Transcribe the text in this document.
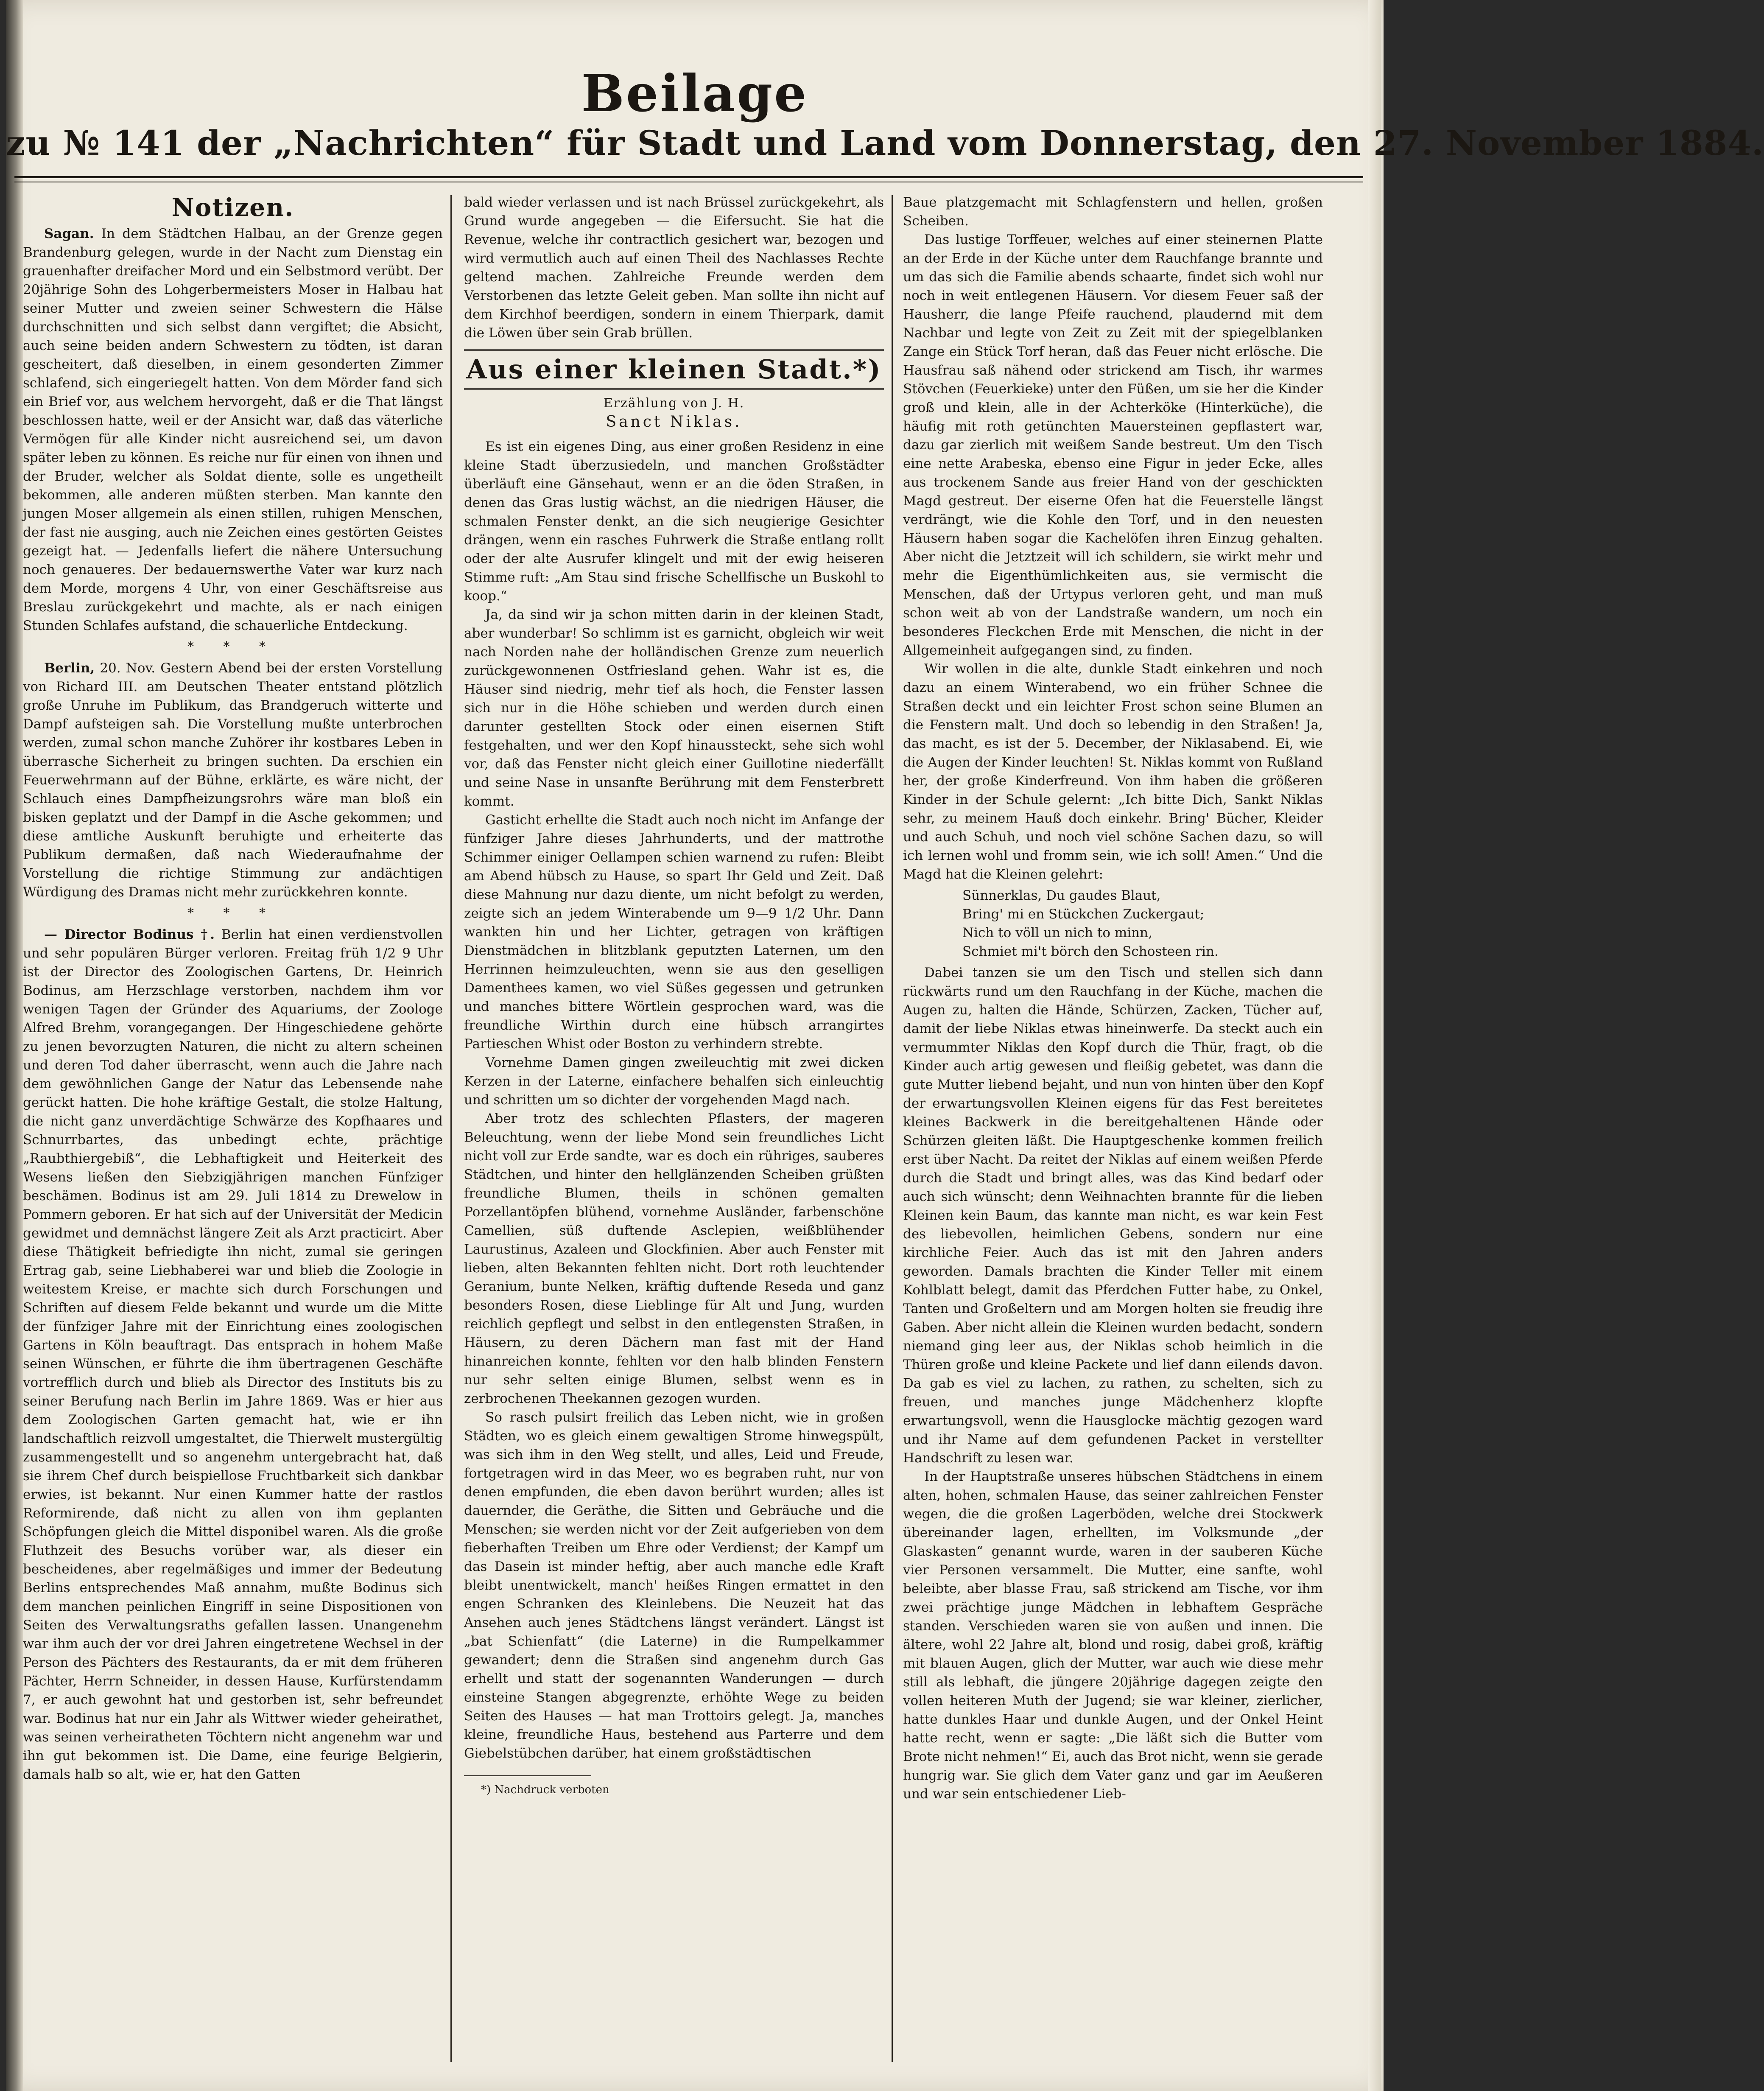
Beilage
zu № 141 der „Nachrichten“ für Stadt und Land vom Donnerstag, den 27. November 1884.
Notizen.

Sagan. In dem Städtchen Halbau, an der Grenze gegen Brandenburg gelegen, wurde in der Nacht zum Dienstag ein grauenhafter dreifacher Mord und ein Selbstmord verübt. Der 20jährige Sohn des Lohgerbermeisters Moser in Halbau hat seiner Mutter und zweien seiner Schwestern die Hälse durchschnitten und sich selbst dann vergiftet; die Absicht, auch seine beiden andern Schwestern zu tödten, ist daran gescheitert, daß dieselben, in einem gesonderten Zimmer schlafend, sich eingeriegelt hatten. Von dem Mörder fand sich ein Brief vor, aus welchem hervorgeht, daß er die That längst beschlossen hatte, weil er der Ansicht war, daß das väterliche Vermögen für alle Kinder nicht ausreichend sei, um davon später leben zu können. Es reiche nur für einen von ihnen und der Bruder, welcher als Soldat diente, solle es ungetheilt bekommen, alle anderen müßten sterben. Man kannte den jungen Moser allgemein als einen stillen, ruhigen Menschen, der fast nie ausging, auch nie Zeichen eines gestörten Geistes gezeigt hat. — Jedenfalls liefert die nähere Untersuchung noch genaueres. Der bedauernswerthe Vater war kurz nach dem Morde, morgens 4 Uhr, von einer Geschäftsreise aus Breslau zurückgekehrt und machte, als er nach einigen Stunden Schlafes aufstand, die schauerliche Entdeckung.

* * *

Berlin, 20. Nov. Gestern Abend bei der ersten Vorstellung von Richard III. am Deutschen Theater entstand plötzlich große Unruhe im Publikum, das Brandgeruch witterte und Dampf aufsteigen sah. Die Vorstellung mußte unterbrochen werden, zumal schon manche Zuhörer ihr kostbares Leben in überrasche Sicherheit zu bringen suchten. Da erschien ein Feuerwehrmann auf der Bühne, erklärte, es wäre nicht, der Schlauch eines Dampfheizungsrohrs wäre man bloß ein bisken geplatzt und der Dampf in die Asche gekommen; und diese amtliche Auskunft beruhigte und erheiterte das Publikum dermaßen, daß nach Wiederaufnahme der Vorstellung die richtige Stimmung zur andächtigen Würdigung des Dramas nicht mehr zurückkehren konnte.

* * *

— Director Bodinus †. Berlin hat einen verdienstvollen und sehr populären Bürger verloren. Freitag früh 1/2 9 Uhr ist der Director des Zoologischen Gartens, Dr. Heinrich Bodinus, am Herzschlage verstorben, nachdem ihm vor wenigen Tagen der Gründer des Aquariums, der Zoologe Alfred Brehm, vorangegangen. Der Hingeschiedene gehörte zu jenen bevorzugten Naturen, die nicht zu altern scheinen und deren Tod daher überrascht, wenn auch die Jahre nach dem gewöhnlichen Gange der Natur das Lebensende nahe gerückt hatten. Die hohe kräftige Gestalt, die stolze Haltung, die nicht ganz unverdächtige Schwärze des Kopfhaares und Schnurrbartes, das unbedingt echte, prächtige „Raubthiergebiß“, die Lebhaftigkeit und Heiterkeit des Wesens ließen den Siebzigjährigen manchen Fünfziger beschämen. Bodinus ist am 29. Juli 1814 zu Drewelow in Pommern geboren. Er hat sich auf der Universität der Medicin gewidmet und demnächst längere Zeit als Arzt practicirt. Aber diese Thätigkeit befriedigte ihn nicht, zumal sie geringen Ertrag gab, seine Liebhaberei war und blieb die Zoologie in weitestem Kreise, er machte sich durch Forschungen und Schriften auf diesem Felde bekannt und wurde um die Mitte der fünfziger Jahre mit der Einrichtung eines zoologischen Gartens in Köln beauftragt. Das entsprach in hohem Maße seinen Wünschen, er führte die ihm übertragenen Geschäfte vortrefflich durch und blieb als Director des Instituts bis zu seiner Berufung nach Berlin im Jahre 1869. Was er hier aus dem Zoologischen Garten gemacht hat, wie er ihn landschaftlich reizvoll umgestaltet, die Thierwelt mustergültig zusammengestellt und so angenehm untergebracht hat, daß sie ihrem Chef durch beispiellose Fruchtbarkeit sich dankbar erwies, ist bekannt. Nur einen Kummer hatte der rastlos Reformirende, daß nicht zu allen von ihm geplanten Schöpfungen gleich die Mittel disponibel waren. Als die große Fluthzeit des Besuchs vorüber war, als dieser ein bescheidenes, aber regelmäßiges und immer der Bedeutung Berlins entsprechendes Maß annahm, mußte Bodinus sich dem manchen peinlichen Eingriff in seine Dispositionen von Seiten des Verwaltungsraths gefallen lassen. Unangenehm war ihm auch der vor drei Jahren eingetretene Wechsel in der Person des Pächters des Restaurants, da er mit dem früheren Pächter, Herrn Schneider, in dessen Hause, Kurfürstendamm 7, er auch gewohnt hat und gestorben ist, sehr befreundet war. Bodinus hat nur ein Jahr als Wittwer wieder geheirathet, was seinen verheiratheten Töchtern nicht angenehm war und ihn gut bekommen ist. Die Dame, eine feurige Belgierin, damals halb so alt, wie er, hat den Gatten

bald wieder verlassen und ist nach Brüssel zurückgekehrt, als Grund wurde angegeben — die Eifersucht. Sie hat die Revenue, welche ihr contractlich gesichert war, bezogen und wird vermutlich auch auf einen Theil des Nachlasses Rechte geltend machen. Zahlreiche Freunde werden dem Verstorbenen das letzte Geleit geben. Man sollte ihn nicht auf dem Kirchhof beerdigen, sondern in einem Thierpark, damit die Löwen über sein Grab brüllen.

Aus einer kleinen Stadt.*)
Erzählung von J. H.
Sanct Niklas.

Es ist ein eigenes Ding, aus einer großen Residenz in eine kleine Stadt überzusiedeln, und manchen Großstädter überläuft eine Gänsehaut, wenn er an die öden Straßen, in denen das Gras lustig wächst, an die niedrigen Häuser, die schmalen Fenster denkt, an die sich neugierige Gesichter drängen, wenn ein rasches Fuhrwerk die Straße entlang rollt oder der alte Ausrufer klingelt und mit der ewig heiseren Stimme ruft: „Am Stau sind frische Schellfische un Buskohl to koop.“

Ja, da sind wir ja schon mitten darin in der kleinen Stadt, aber wunderbar! So schlimm ist es garnicht, obgleich wir weit nach Norden nahe der holländischen Grenze zum neuerlich zurückgewonnenen Ostfriesland gehen. Wahr ist es, die Häuser sind niedrig, mehr tief als hoch, die Fenster lassen sich nur in die Höhe schieben und werden durch einen darunter gestellten Stock oder einen eisernen Stift festgehalten, und wer den Kopf hinaussteckt, sehe sich wohl vor, daß das Fenster nicht gleich einer Guillotine niederfällt und seine Nase in unsanfte Berührung mit dem Fensterbrett kommt.

Gasticht erhellte die Stadt auch noch nicht im Anfange der fünfziger Jahre dieses Jahrhunderts, und der mattrothe Schimmer einiger Oellampen schien warnend zu rufen: Bleibt am Abend hübsch zu Hause, so spart Ihr Geld und Zeit. Daß diese Mahnung nur dazu diente, um nicht befolgt zu werden, zeigte sich an jedem Winterabende um 9—9 1/2 Uhr. Dann wankten hin und her Lichter, getragen von kräftigen Dienstmädchen in blitzblank geputzten Laternen, um den Herrinnen heimzuleuchten, wenn sie aus den geselligen Damenthees kamen, wo viel Süßes gegessen und getrunken und manches bittere Wörtlein gesprochen ward, was die freundliche Wirthin durch eine hübsch arrangirtes Partieschen Whist oder Boston zu verhindern strebte.

Vornehme Damen gingen zweileuchtig mit zwei dicken Kerzen in der Laterne, einfachere behalfen sich einleuchtig und schritten um so dichter der vorgehenden Magd nach.

Aber trotz des schlechten Pflasters, der mageren Beleuchtung, wenn der liebe Mond sein freundliches Licht nicht voll zur Erde sandte, war es doch ein rühriges, sauberes Städtchen, und hinter den hellglänzenden Scheiben grüßten freundliche Blumen, theils in schönen gemalten Porzellantöpfen blühend, vornehme Ausländer, farbenschöne Camellien, süß duftende Asclepien, weißblühender Laurustinus, Azaleen und Glockfinien. Aber auch Fenster mit lieben, alten Bekannten fehlten nicht. Dort roth leuchtender Geranium, bunte Nelken, kräftig duftende Reseda und ganz besonders Rosen, diese Lieblinge für Alt und Jung, wurden reichlich gepflegt und selbst in den entlegensten Straßen, in Häusern, zu deren Dächern man fast mit der Hand hinanreichen konnte, fehlten vor den halb blinden Fenstern nur sehr selten einige Blumen, selbst wenn es in zerbrochenen Theekannen gezogen wurden.

So rasch pulsirt freilich das Leben nicht, wie in großen Städten, wo es gleich einem gewaltigen Strome hinwegspült, was sich ihm in den Weg stellt, und alles, Leid und Freude, fortgetragen wird in das Meer, wo es begraben ruht, nur von denen empfunden, die eben davon berührt wurden; alles ist dauernder, die Geräthe, die Sitten und Gebräuche und die Menschen; sie werden nicht vor der Zeit aufgerieben von dem fieberhaften Treiben um Ehre oder Verdienst; der Kampf um das Dasein ist minder heftig, aber auch manche edle Kraft bleibt unentwickelt, manch' heißes Ringen ermattet in den engen Schranken des Kleinlebens. Die Neuzeit hat das Ansehen auch jenes Städtchens längst verändert. Längst ist „bat Schienfatt“ (die Laterne) in die Rumpelkammer gewandert; denn die Straßen sind angenehm durch Gas erhellt und statt der sogenannten Wanderungen — durch einsteine Stangen abgegrenzte, erhöhte Wege zu beiden Seiten des Hauses — hat man Trottoirs gelegt. Ja, manches kleine, freundliche Haus, bestehend aus Parterre und dem Giebelstübchen darüber, hat einem großstädtischen

*) Nachdruck verboten

Baue platzgemacht mit Schlagfenstern und hellen, großen Scheiben.

Das lustige Torffeuer, welches auf einer steinernen Platte an der Erde in der Küche unter dem Rauchfange brannte und um das sich die Familie abends schaarte, findet sich wohl nur noch in weit entlegenen Häusern. Vor diesem Feuer saß der Hausherr, die lange Pfeife rauchend, plaudernd mit dem Nachbar und legte von Zeit zu Zeit mit der spiegelblanken Zange ein Stück Torf heran, daß das Feuer nicht erlösche. Die Hausfrau saß nähend oder strickend am Tisch, ihr warmes Stövchen (Feuerkieke) unter den Füßen, um sie her die Kinder groß und klein, alle in der Achterköke (Hinterküche), die häufig mit roth getünchten Mauersteinen gepflastert war, dazu gar zierlich mit weißem Sande bestreut. Um den Tisch eine nette Arabeska, ebenso eine Figur in jeder Ecke, alles aus trockenem Sande aus freier Hand von der geschickten Magd gestreut. Der eiserne Ofen hat die Feuerstelle längst verdrängt, wie die Kohle den Torf, und in den neuesten Häusern haben sogar die Kachelöfen ihren Einzug gehalten. Aber nicht die Jetztzeit will ich schildern, sie wirkt mehr und mehr die Eigenthümlichkeiten aus, sie vermischt die Menschen, daß der Urtypus verloren geht, und man muß schon weit ab von der Landstraße wandern, um noch ein besonderes Fleckchen Erde mit Menschen, die nicht in der Allgemeinheit aufgegangen sind, zu finden.

Wir wollen in die alte, dunkle Stadt einkehren und noch dazu an einem Winterabend, wo ein früher Schnee die Straßen deckt und ein leichter Frost schon seine Blumen an die Fenstern malt. Und doch so lebendig in den Straßen! Ja, das macht, es ist der 5. December, der Niklasabend. Ei, wie die Augen der Kinder leuchten! St. Niklas kommt von Rußland her, der große Kinderfreund. Von ihm haben die größeren Kinder in der Schule gelernt: „Ich bitte Dich, Sankt Niklas sehr, zu meinem Hauß doch einkehr. Bring' Bücher, Kleider und auch Schuh, und noch viel schöne Sachen dazu, so will ich lernen wohl und fromm sein, wie ich soll! Amen.“ Und die Magd hat die Kleinen gelehrt:

Sünnerklas, Du gaudes Blaut,
Bring' mi en Stückchen Zuckergaut;
Nich to völl un nich to minn,
Schmiet mi't börch den Schosteen rin.

Dabei tanzen sie um den Tisch und stellen sich dann rückwärts rund um den Rauchfang in der Küche, machen die Augen zu, halten die Hände, Schürzen, Zacken, Tücher auf, damit der liebe Niklas etwas hineinwerfe. Da steckt auch ein vermummter Niklas den Kopf durch die Thür, fragt, ob die Kinder auch artig gewesen und fleißig gebetet, was dann die gute Mutter liebend bejaht, und nun von hinten über den Kopf der erwartungsvollen Kleinen eigens für das Fest bereitetes kleines Backwerk in die bereitgehaltenen Hände oder Schürzen gleiten läßt. Die Hauptgeschenke kommen freilich erst über Nacht. Da reitet der Niklas auf einem weißen Pferde durch die Stadt und bringt alles, was das Kind bedarf oder auch sich wünscht; denn Weihnachten brannte für die lieben Kleinen kein Baum, das kannte man nicht, es war kein Fest des liebevollen, heimlichen Gebens, sondern nur eine kirchliche Feier. Auch das ist mit den Jahren anders geworden. Damals brachten die Kinder Teller mit einem Kohlblatt belegt, damit das Pferdchen Futter habe, zu Onkel, Tanten und Großeltern und am Morgen holten sie freudig ihre Gaben. Aber nicht allein die Kleinen wurden bedacht, sondern niemand ging leer aus, der Niklas schob heimlich in die Thüren große und kleine Packete und lief dann eilends davon. Da gab es viel zu lachen, zu rathen, zu schelten, sich zu freuen, und manches junge Mädchenherz klopfte erwartungsvoll, wenn die Hausglocke mächtig gezogen ward und ihr Name auf dem gefundenen Packet in verstellter Handschrift zu lesen war.

In der Hauptstraße unseres hübschen Städtchens in einem alten, hohen, schmalen Hause, das seiner zahlreichen Fenster wegen, die die großen Lagerböden, welche drei Stockwerk übereinander lagen, erhellten, im Volksmunde „der Glaskasten“ genannt wurde, waren in der sauberen Küche vier Personen versammelt. Die Mutter, eine sanfte, wohl beleibte, aber blasse Frau, saß strickend am Tische, vor ihm zwei prächtige junge Mädchen in lebhaftem Gespräche standen. Verschieden waren sie von außen und innen. Die ältere, wohl 22 Jahre alt, blond und rosig, dabei groß, kräftig mit blauen Augen, glich der Mutter, war auch wie diese mehr still als lebhaft, die jüngere 20jährige dagegen zeigte den vollen heiteren Muth der Jugend; sie war kleiner, zierlicher, hatte dunkles Haar und dunkle Augen, und der Onkel Heint hatte recht, wenn er sagte: „Die läßt sich die Butter vom Brote nicht nehmen!“ Ei, auch das Brot nicht, wenn sie gerade hungrig war. Sie glich dem Vater ganz und gar im Aeußeren und war sein entschiedener Lieb-
